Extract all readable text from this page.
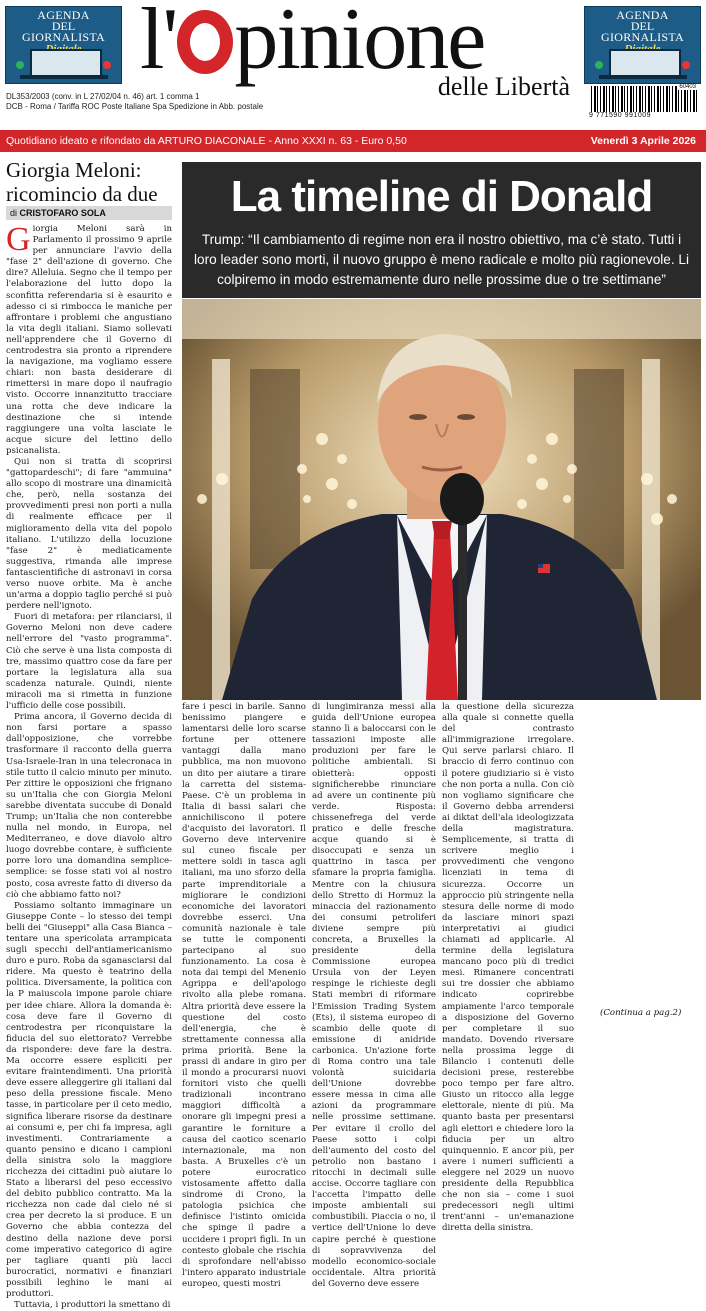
AGENDA
DEL
GIORNALISTA
AGENDA
DEL
GIORNALISTA
l' pinione
delle Libertà
DL353/2003 (conv. in L 27/02/04 n. 46) art. 1 comma 1
DCB - Roma / Tariffa ROC Poste Italiane Spa Spedizione in Abb. postale
60403
9 771590 991009
Quotidiano ideato e rifondato da ARTURO DIACONALE - Anno XXXI n. 63 - Euro 0,50	Venerdì 3 Aprile 2026
Giorgia Meloni: ricomincio da due
di CRISTOFARO SOLA

Giorgia Meloni sarà in Parlamento il prossimo 9 aprile per annunciare l'avvio della "fase 2" dell'azione di governo. Che dire? Alleluia. Segno che il tempo per l'elaborazione del lutto dopo la sconfitta referendaria si è esaurito e adesso ci si rimbocca le maniche per affrontare i problemi che angustiano la vita degli italiani. Siamo sollevati nell'apprendere che il Governo di centrodestra sia pronto a riprendere la navigazione, ma vogliamo essere chiari: non basta desiderare di rimettersi in mare dopo il naufragio visto. Occorre innanzitutto tracciare una rotta che deve indicare la destinazione che si intende raggiungere una volta lasciate le acque sicure del lettino dello psicanalista.

Qui non si tratta di scoprirsi "gattopardeschi"; di fare "ammuina" allo scopo di mostrare una dinamicità che, però, nella sostanza dei provvedimenti presi non porti a nulla di realmente efficace per il miglioramento della vita del popolo italiano. L'utilizzo della locuzione "fase 2" è mediaticamente suggestiva, rimanda alle imprese fantascientifiche di astronavi in corsa verso nuove orbite. Ma è anche un'arma a doppio taglio perché si può perdere nell'ignoto.

Fuori di metafora: per rilanciarsi, il Governo Meloni non deve cadere nell'errore del "vasto programma". Ciò che serve è una lista composta di tre, massimo quattro cose da fare per portare la legislatura alla sua scadenza naturale. Quindi, niente miracoli ma si rimetta in funzione l'ufficio delle cose possibili.

Prima ancora, il Governo decida di non farsi portare a spasso dall'opposizione, che vorrebbe trasformare il racconto della guerra Usa-Israele-Iran in una telecronaca in stile tutto il calcio minuto per minuto. Per zittire le opposizioni che frignano su un'Italia che con Giorgia Meloni sarebbe diventata succube di Donald Trump; un'Italia che non conterebbe nulla nel mondo, in Europa, nel Mediterraneo, e dove diavolo altro luogo dovrebbe contare, è sufficiente porre loro una domandina semplice-semplice: se fosse stati voi al nostro posto, cosa avreste fatto di diverso da ciò che abbiamo fatto noi?

Possiamo soltanto immaginare un Giuseppe Conte – lo stesso dei tempi belli dei "Giuseppi" alla Casa Bianca – tentare una spericolata arrampicata sugli specchi dell'antiamericanismo duro e puro. Roba da sganasciarsi dal ridere. Ma questo è teatrino della politica. Diversamente, la politica con la P maiuscola impone parole chiare per idee chiare. Allora la domanda è: cosa deve fare il Governo di centrodestra per riconquistare la fiducia del suo elettorato? Verrebbe da rispondere: deve fare la destra. Ma occorre essere espliciti per evitare fraintendimenti. Una priorità deve essere alleggerire gli italiani dal peso della pressione fiscale. Meno tasse, in particolare per il ceto medio, significa liberare risorse da destinare ai consumi e, per chi fa impresa, agli investimenti. Contrariamente a quanto pensino e dicano i campioni della sinistra solo la maggiore ricchezza dei cittadini può aiutare lo Stato a liberarsi del peso eccessivo del debito pubblico contratto. Ma la ricchezza non cade dal cielo né si crea per decreto la si produce. E un Governo che abbia contezza del destino della nazione deve porsi come imperativo categorico di agire per tagliare quanti più lacci burocratici, normativi e finanziari possibili leghino le mani ai produttori.

Tuttavia, i produttori la smettano di

La timeline di Donald
Trump: “Il cambiamento di regime non era il nostro obiettivo, ma c’è stato. Tutti i loro leader sono morti, il nuovo gruppo è meno radicale e molto più ragionevole. Li colpiremo in modo estremamente duro nelle prossime due o tre settimane”

fare i pesci in barile. Sanno benissimo piangere e lamentarsi delle loro scarse fortune per ottenere vantaggi dalla mano pubblica, ma non muovono un dito per aiutare a tirare la carretta del sistema-Paese. C'è un problema in Italia di bassi salari che annichiliscono il potere d'acquisto dei lavoratori. Il Governo deve intervenire sul cuneo fiscale per mettere soldi in tasca agli italiani, ma uno sforzo della parte imprenditoriale a migliorare le condizioni economiche dei lavoratori dovrebbe esserci. Una comunità nazionale è tale se tutte le componenti partecipano al suo funzionamento. La cosa è nota dai tempi del Menenio Agrippa e dell'apologo rivolto alla plebe romana. Altra priorità deve essere la questione del costo dell'energia, che è strettamente connessa alla prima priorità. Bene la prassi di andare in giro per il mondo a procurarsi nuovi fornitori visto che quelli tradizionali incontrano maggiori difficoltà a onorare gli impegni presi a garantire le forniture a causa del caotico scenario internazionale, ma non basta. A Bruxelles c'è un potere eurocratico vistosamente affetto dalla sindrome di Crono, la patologia psichica che definisce l'istinto omicida che spinge il padre a uccidere i propri figli. In un contesto globale che rischia di sprofondare nell'abisso l'intero apparato industriale europeo, questi mostri

di lungimiranza messi alla guida dell'Unione europea stanno lì a baloccarsi con le tassazioni imposte alle produzioni per fare le politiche ambientali. Si obietterà: opposti significherebbe rinunciare ad avere un continente più verde. Risposta: chissenefrega del verde pratico e delle fresche acque quando si è disoccupati e senza un quattrino in tasca per sfamare la propria famiglia. Mentre con la chiusura dello Stretto di Hormuz la minaccia del razionamento dei consumi petroliferi diviene sempre più concreta, a Bruxelles la presidente della Commissione europea Ursula von der Leyen respinge le richieste degli Stati membri di riformare l'Emission Trading System (Ets), il sistema europeo di scambio delle quote di emissione di anidride carbonica. Un'azione forte di Roma contro una tale volontà suicidaria dell'Unione dovrebbe essere messa in cima alle azioni da programmare nelle prossime settimane. Per evitare il crollo del Paese sotto i colpi dell'aumento del costo del petrolio non bastano i ritocchi in decimali sulle accise. Occorre tagliare con l'accetta l'impatto delle imposte ambientali sui combustibili. Piaccia o no, il vertice dell'Unione lo deve capire perché è questione di sopravvivenza del modello economico-sociale occidentale. Altra priorità del Governo deve essere

la questione della sicurezza alla quale si connette quella del contrasto all'immigrazione irregolare. Qui serve parlarsi chiaro. Il braccio di ferro continuo con il potere giudiziario si è visto che non porta a nulla. Con ciò non vogliamo significare che il Governo debba arrendersi ai diktat dell'ala ideologizzata della magistratura. Semplicemente, si tratta di scrivere meglio i provvedimenti che vengono licenziati in tema di sicurezza. Occorre un approccio più stringente nella stesura delle norme di modo da lasciare minori spazi interpretativi ai giudici chiamati ad applicarle. Al termine della legislatura mancano poco più di tredici mesi. Rimanere concentrati sui tre dossier che abbiamo indicato coprirebbe ampiamente l'arco temporale a disposizione del Governo per completare il suo mandato. Dovendo riversare nella prossima legge di Bilancio i contenuti delle decisioni prese, resterebbe poco tempo per fare altro. Giusto un ritocco alla legge elettorale, niente di più. Ma quanto basta per presentarsi agli elettori e chiedere loro la fiducia per un altro quinquennio. E ancor più, per avere i numeri sufficienti a eleggere nel 2029 un nuovo presidente della Repubblica che non sia – come i suoi predecessori negli ultimi trent'anni – un'emanazione diretta della sinistra.

(Continua a pag.2)
